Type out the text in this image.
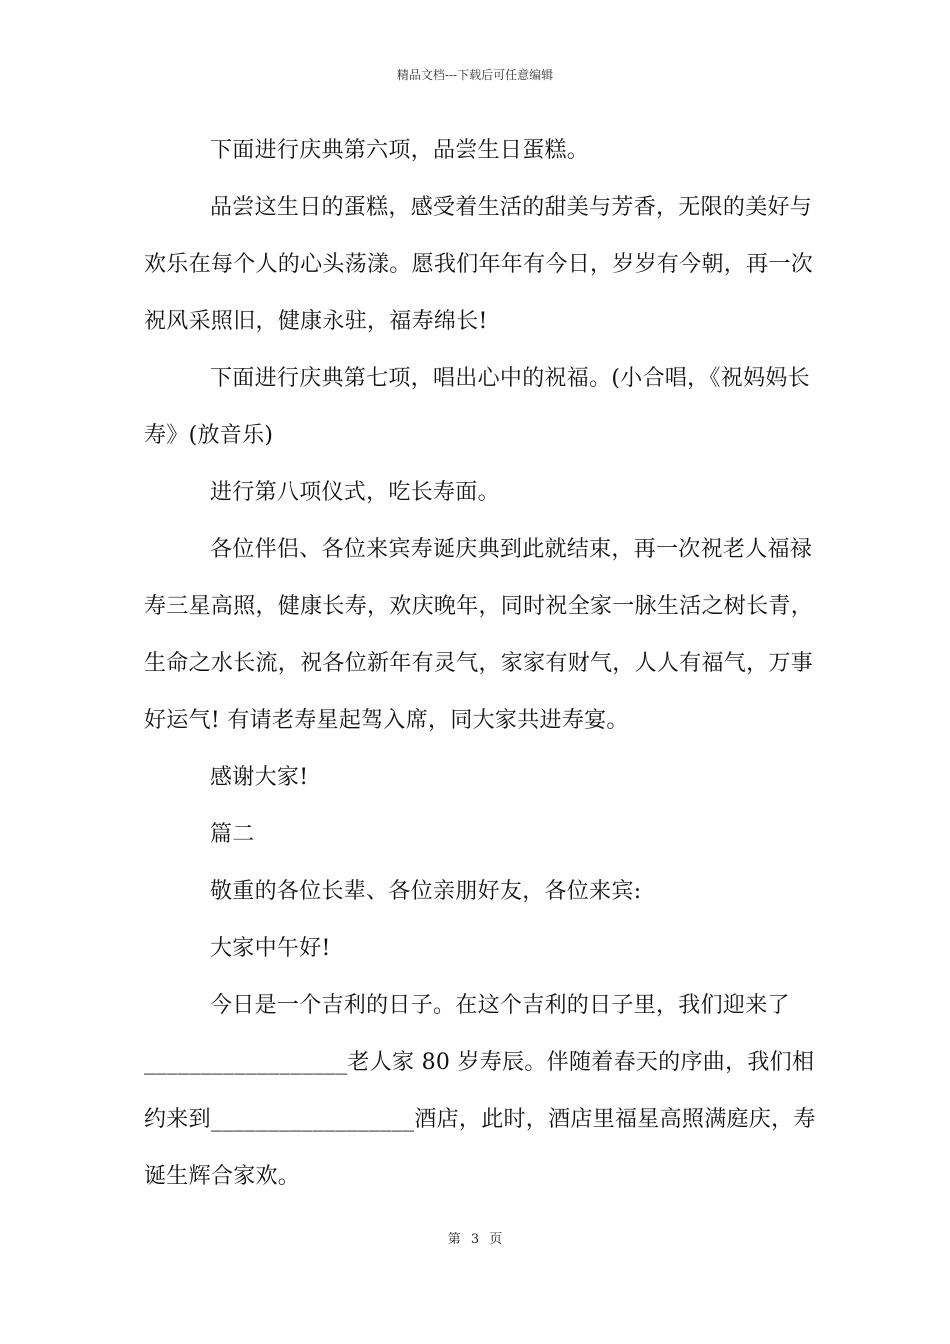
精品文档---下载后可任意编辑

下面进行庆典第六项，品尝生日蛋糕。

品尝这生日的蛋糕，感受着生活的甜美与芳香，无限的美好与欢乐在每个人的心头荡漾。愿我们年年有今日，岁岁有今朝，再一次祝风采照旧，健康永驻，福寿绵长!

下面进行庆典第七项，唱出心中的祝福。(小合唱，《祝妈妈长寿》(放音乐)

进行第八项仪式，吃长寿面。

各位伴侣、各位来宾寿诞庆典到此就结束，再一次祝老人福禄寿三星高照，健康长寿，欢庆晚年，同时祝全家一脉生活之树长青，生命之水长流，祝各位新年有灵气，家家有财气，人人有福气，万事好运气! 有请老寿星起驾入席，同大家共进寿宴。

感谢大家!

篇二

敬重的各位长辈、各位亲朋好友，各位来宾:

大家中午好!

今日是一个吉利的日子。在这个吉利的日子里，我们迎来了__________________老人家 80 岁寿辰。伴随着春天的序曲，我们相约来到__________________酒店，此时，酒店里福星高照满庭庆，寿诞生辉合家欢。

第 3 页
